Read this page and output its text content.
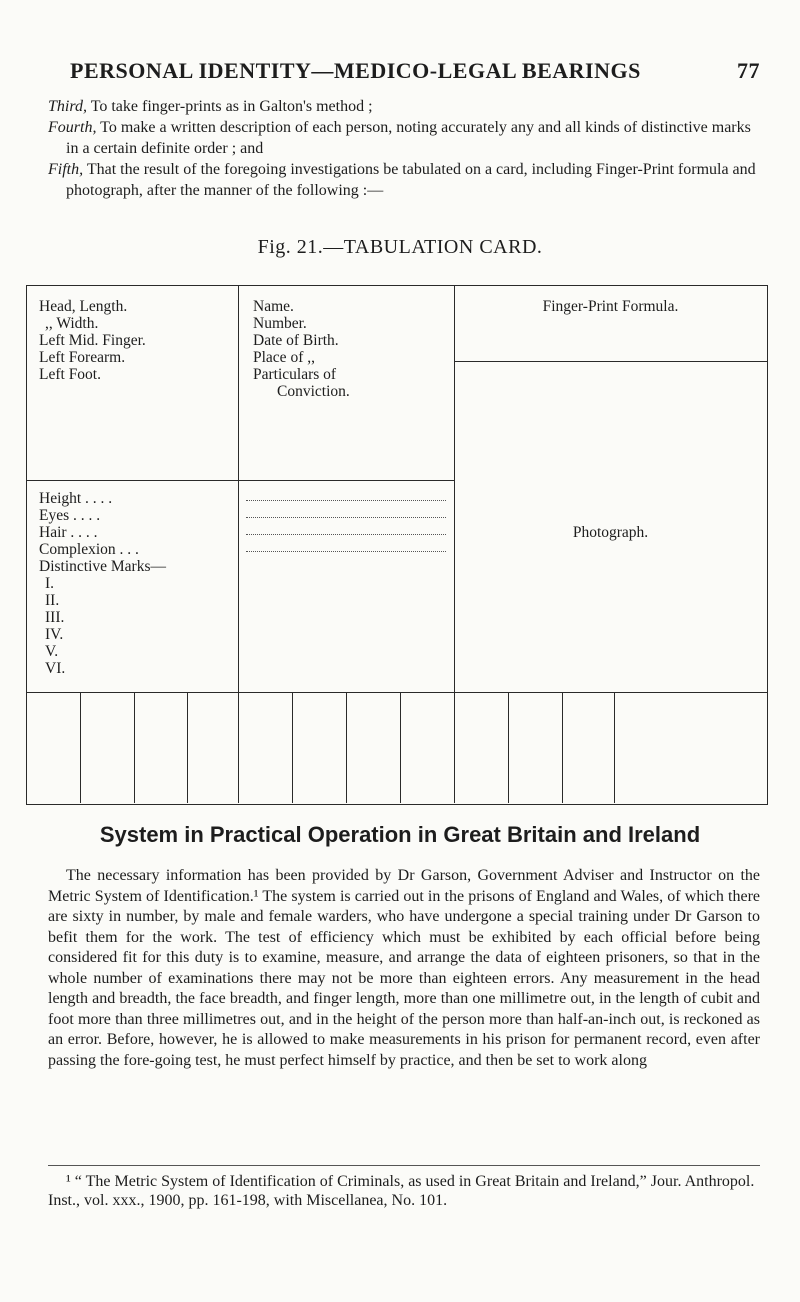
PERSONAL IDENTITY—MEDICO-LEGAL BEARINGS	77

Third, To take finger-prints as in Galton's method ;

Fourth, To make a written description of each person, noting accurately any and all kinds of distinctive marks in a certain definite order ; and

Fifth, That the result of the foregoing investigations be tabulated on a card, including Finger-Print formula and photograph, after the manner of the following :—

Fig. 21.—TABULATION CARD.
Head, Length.
,, Width.
Left Mid. Finger.
Left Forearm.
Left Foot.
Name.
Number.
Date of Birth.
Place of ,,
Particulars of
Conviction.
Finger-Print Formula.
Height . . . .
Eyes . . . .
Hair . . . .
Complexion . . .
Distinctive Marks—
I.
II.
III.
IV.
V.
VI.
Photograph.
System in Practical Operation in Great Britain and Ireland
The necessary information has been provided by Dr Garson, Government Adviser and Instructor on the Metric System of Identification.¹ The system is carried out in the prisons of England and Wales, of which there are sixty in number, by male and female warders, who have undergone a special training under Dr Garson to befit them for the work. The test of efficiency which must be exhibited by each official before being considered fit for this duty is to examine, measure, and arrange the data of eighteen prisoners, so that in the whole number of examinations there may not be more than eighteen errors. Any measurement in the head length and breadth, the face breadth, and finger length, more than one millimetre out, in the length of cubit and foot more than three millimetres out, and in the height of the person more than half-an-inch out, is reckoned as an error. Before, however, he is allowed to make measurements in his prison for permanent record, even after passing the fore-going test, he must perfect himself by practice, and then be set to work along
¹ “ The Metric System of Identification of Criminals, as used in Great Britain and Ireland,” Jour. Anthropol. Inst., vol. xxx., 1900, pp. 161-198, with Miscellanea, No. 101.
